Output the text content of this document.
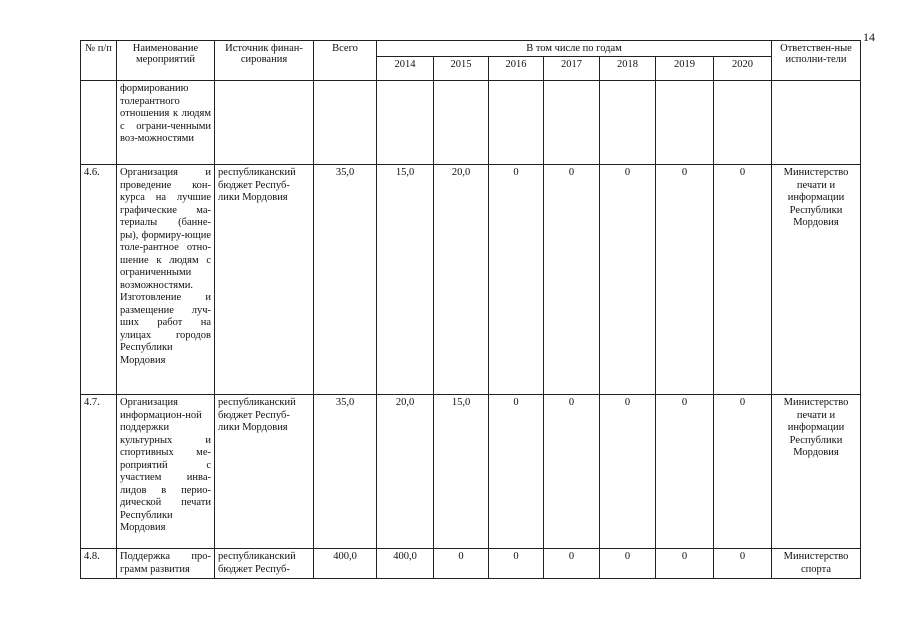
14
№ п/п	Наименование мероприятий	Источник финан-сирования	Всего	В том числе по годам							Ответствен-ные исполни-тели
				2014	2015	2016	2017	2018	2019	2020	
	формированию толерантного отношения к людям с ограни-ченными воз-можностями										
4.6.	Организация и проведение кон-курса на лучшие графические ма-териалы (банне-ры), формиру-ющие толе-рантное отно-шение к людям с ограниченными возможностями. Изготовление и размещение луч-ших работ на улицах городов Республики Мордовия	республиканский бюджет Респуб-лики Мордовия	35,0	15,0	20,0	0	0	0	0	0	Министерство печати и информации Республики Мордовия
4.7.	Организация информацион-ной поддержки культурных и спортивных ме-роприятий с участием инва-лидов в перио-дической печати Республики Мордовия	республиканский бюджет Респуб-лики Мордовия	35,0	20,0	15,0	0	0	0	0	0	Министерство печати и информации Республики Мордовия
4.8.	Поддержка про-грамм развития	республиканский бюджет Респуб-	400,0	400,0	0	0	0	0	0	0	Министерство спорта
